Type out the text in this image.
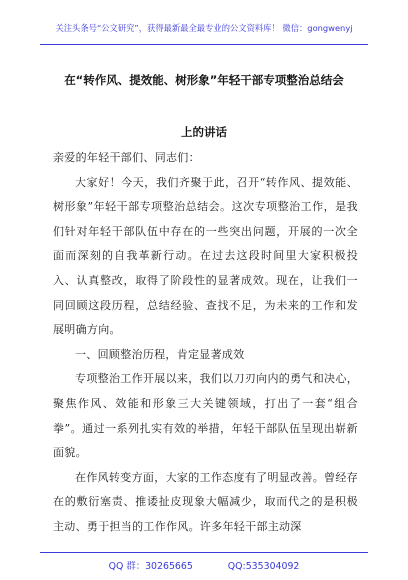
关注头条号“公文研究”，获得最新最全最专业的公文资料库！ 微信：gongwenyj
在“转作风、提效能、树形象”年轻干部专项整治总结会
上的讲话

亲爱的年轻干部们、同志们：

大家好！今天，我们齐聚于此，召开“转作风、提效能、树形象”年轻干部专项整治总结会。这次专项整治工作，是我们针对年轻干部队伍中存在的一些突出问题，开展的一次全面而深刻的自我革新行动。在过去这段时间里大家积极投入、认真整改，取得了阶段性的显著成效。现在，让我们一同回顾这段历程，总结经验、查找不足，为未来的工作和发展明确方向。

一、回顾整治历程，肯定显著成效

专项整治工作开展以来，我们以刀刃向内的勇气和决心，聚焦作风、效能和形象三大关键领域，打出了一套“组合拳”。通过一系列扎实有效的举措，年轻干部队伍呈现出崭新面貌。

在作风转变方面，大家的工作态度有了明显改善。曾经存在的敷衍塞责、推诿扯皮现象大幅减少，取而代之的是积极主动、勇于担当的工作作风。许多年轻干部主动深

QQ 群：30265665	QQ:535304092
